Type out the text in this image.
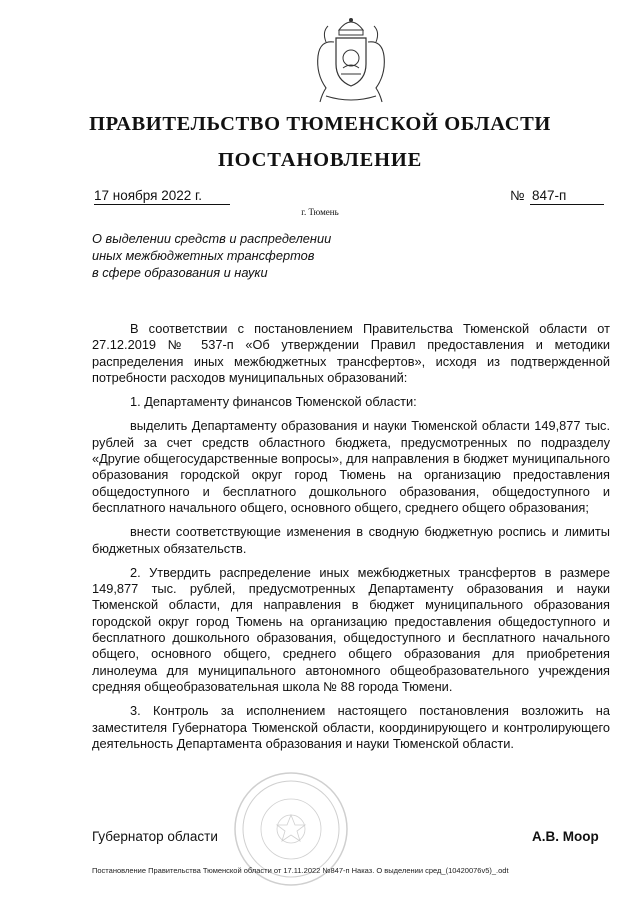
ПРАВИТЕЛЬСТВО ТЮМЕНСКОЙ ОБЛАСТИ
ПОСТАНОВЛЕНИЕ
17 ноября 2022 г.	№ 847-п
г. Тюмень
О выделении средств и распределении
иных межбюджетных трансфертов
в сфере образования и науки

В соответствии с постановлением Правительства Тюменской области от 27.12.2019 № 537-п «Об утверждении Правил предоставления и методики распределения иных межбюджетных трансфертов», исходя из подтвержденной потребности расходов муниципальных образований:

1. Департаменту финансов Тюменской области:

выделить Департаменту образования и науки Тюменской области 149,877 тыс. рублей за счет средств областного бюджета, предусмотренных по подразделу «Другие общегосударственные вопросы», для направления в бюджет муниципального образования городской округ город Тюмень на организацию предоставления общедоступного и бесплатного дошкольного образования, общедоступного и бесплатного начального общего, основного общего, среднего общего образования;

внести соответствующие изменения в сводную бюджетную роспись и лимиты бюджетных обязательств.

2. Утвердить распределение иных межбюджетных трансфертов в размере 149,877 тыс. рублей, предусмотренных Департаменту образования и науки Тюменской области, для направления в бюджет муниципального образования городской округ город Тюмень на организацию предоставления общедоступного и бесплатного дошкольного образования, общедоступного и бесплатного начального общего, основного общего, среднего общего образования для приобретения линолеума для муниципального автономного общеобразовательного учреждения средняя общеобразовательная школа № 88 города Тюмени.

3. Контроль за исполнением настоящего постановления возложить на заместителя Губернатора Тюменской области, координирующего и контролирующего деятельность Департамента образования и науки Тюменской области.

Губернатор области	А.В. Моор
Постановление Правительства Тюменской области от 17.11.2022 №847-п Наказ. О выделении сред_(10420076v5)_.odt
